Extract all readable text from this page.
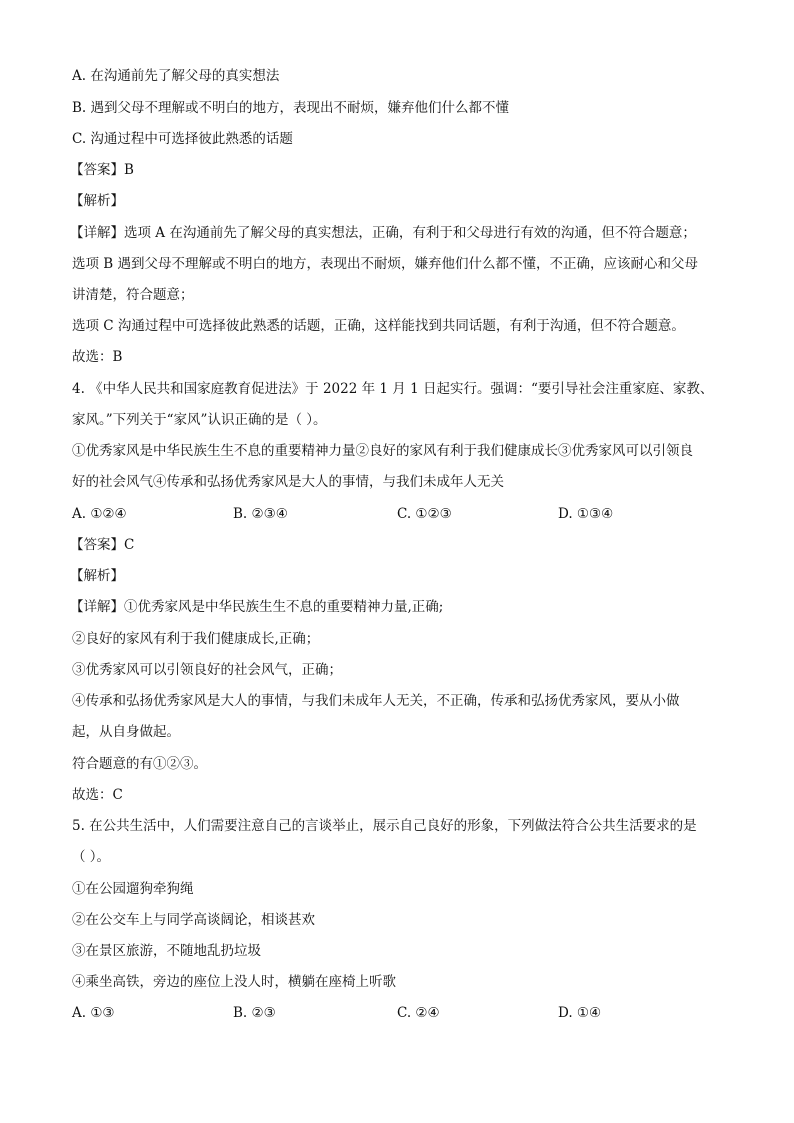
A. 在沟通前先了解父母的真实想法

B. 遇到父母不理解或不明白的地方，表现出不耐烦，嫌弃他们什么都不懂

C. 沟通过程中可选择彼此熟悉的话题

【答案】B

【解析】

【详解】选项 A 在沟通前先了解父母的真实想法，正确，有利于和父母进行有效的沟通，但不符合题意；

选项 B 遇到父母不理解或不明白的地方，表现出不耐烦，嫌弃他们什么都不懂，不正确，应该耐心和父母

讲清楚，符合题意；

选项 C 沟通过程中可选择彼此熟悉的话题，正确，这样能找到共同话题，有利于沟通，但不符合题意。

故选：B

4. 《中华人民共和国家庭教育促进法》于 2022 年 1 月 1 日起实行。强调：“要引导社会注重家庭、家教、

家风。”下列关于“家风”认识正确的是（ ）。

①优秀家风是中华民族生生不息的重要精神力量②良好的家风有利于我们健康成长③优秀家风可以引领良

好的社会风气④传承和弘扬优秀家风是大人的事情，与我们未成年人无关

A. ①②④	B. ②③④	C. ①②③	D. ①③④

【答案】C

【解析】

【详解】①优秀家风是中华民族生生不息的重要精神力量,正确;

②良好的家风有利于我们健康成长,正确；

③优秀家风可以引领良好的社会风气，正确；

④传承和弘扬优秀家风是大人的事情，与我们未成年人无关，不正确，传承和弘扬优秀家风，要从小做

起，从自身做起。

符合题意的有①②③。

故选：C

5. 在公共生活中，人们需要注意自己的言谈举止，展示自己良好的形象，下列做法符合公共生活要求的是

（ ）。

①在公园遛狗牵狗绳

②在公交车上与同学高谈阔论，相谈甚欢

③在景区旅游，不随地乱扔垃圾

④乘坐高铁，旁边的座位上没人时，横躺在座椅上听歌

A. ①③	B. ②③	C. ②④	D. ①④
